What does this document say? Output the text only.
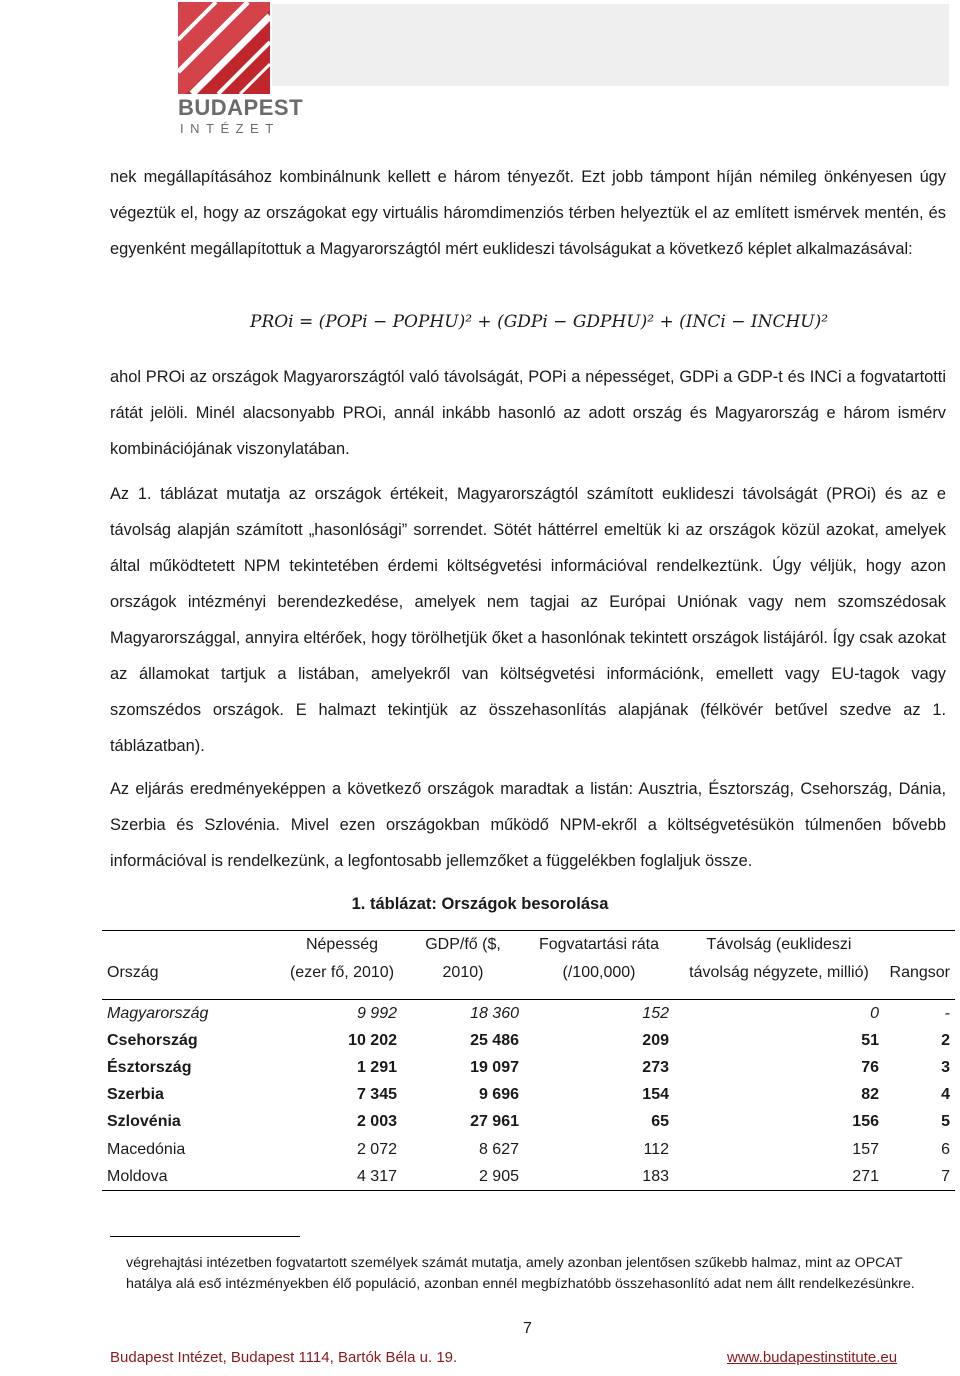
BUDAPEST
INTÉZET
nek megállapításához kombinálnunk kellett e három tényezőt. Ezt jobb támpont híján némileg önkényesen úgy végeztük el, hogy az országokat egy virtuális háromdimenziós térben helyeztük el az említett ismérvek mentén, és egyenként megállapítottuk a Magyarországtól mért euklideszi távolságukat a következő képlet alkalmazásával:
PROi = (POPi − POPHU)² + (GDPi − GDPHU)² + (INCi − INCHU)²
ahol PROi az országok Magyarországtól való távolságát, POPi a népességet, GDPi a GDP-t és INCi a fogvatartotti rátát jelöli. Minél alacsonyabb PROi, annál inkább hasonló az adott ország és Magyarország e három ismérv kombinációjának viszonylatában.
Az 1. táblázat mutatja az országok értékeit, Magyarországtól számított euklideszi távolságát (PROi) és az e távolság alapján számított „hasonlósági” sorrendet. Sötét háttérrel emeltük ki az országok közül azokat, amelyek által működtetett NPM tekintetében érdemi költségvetési információval rendelkeztünk. Úgy véljük, hogy azon országok intézményi berendezkedése, amelyek nem tagjai az Európai Uniónak vagy nem szomszédosak Magyarországgal, annyira eltérőek, hogy törölhetjük őket a hasonlónak tekintett országok listájáról. Így csak azokat az államokat tartjuk a listában, amelyekről van költségvetési információnk, emellett vagy EU-tagok vagy szomszédos országok. E halmazt tekintjük az összehasonlítás alapjának (félkövér betűvel szedve az 1. táblázatban).
Az eljárás eredményeképpen a következő országok maradtak a listán: Ausztria, Észtország, Csehország, Dánia, Szerbia és Szlovénia. Mivel ezen országokban működő NPM-ekről a költségvetésükön túlmenően bővebb információval is rendelkezünk, a legfontosabb jellemzőket a függelékben foglaljuk össze.
1. táblázat: Országok besorolása
Ország	Népesség (ezer fő, 2010)	GDP/fő ($, 2010)	Fogvatartási ráta (/100,000)	Távolság (euklideszi távolság négyzete, millió)	Rangsor
Magyarország	9 992	18 360	152	0	-
Csehország	10 202	25 486	209	51	2
Észtország	1 291	19 097	273	76	3
Szerbia	7 345	9 696	154	82	4
Szlovénia	2 003	27 961	65	156	5
Macedónia	2 072	8 627	112	157	6
Moldova	4 317	2 905	183	271	7
végrehajtási intézetben fogvatartott személyek számát mutatja, amely azonban jelentősen szűkebb halmaz, mint az OPCAT hatálya alá eső intézményekben élő populáció, azonban ennél megbízhatóbb összehasonlító adat nem állt rendelkezésünkre.
7
Budapest Intézet, Budapest 1114, Bartók Béla u. 19.	www.budapestinstitute.eu
